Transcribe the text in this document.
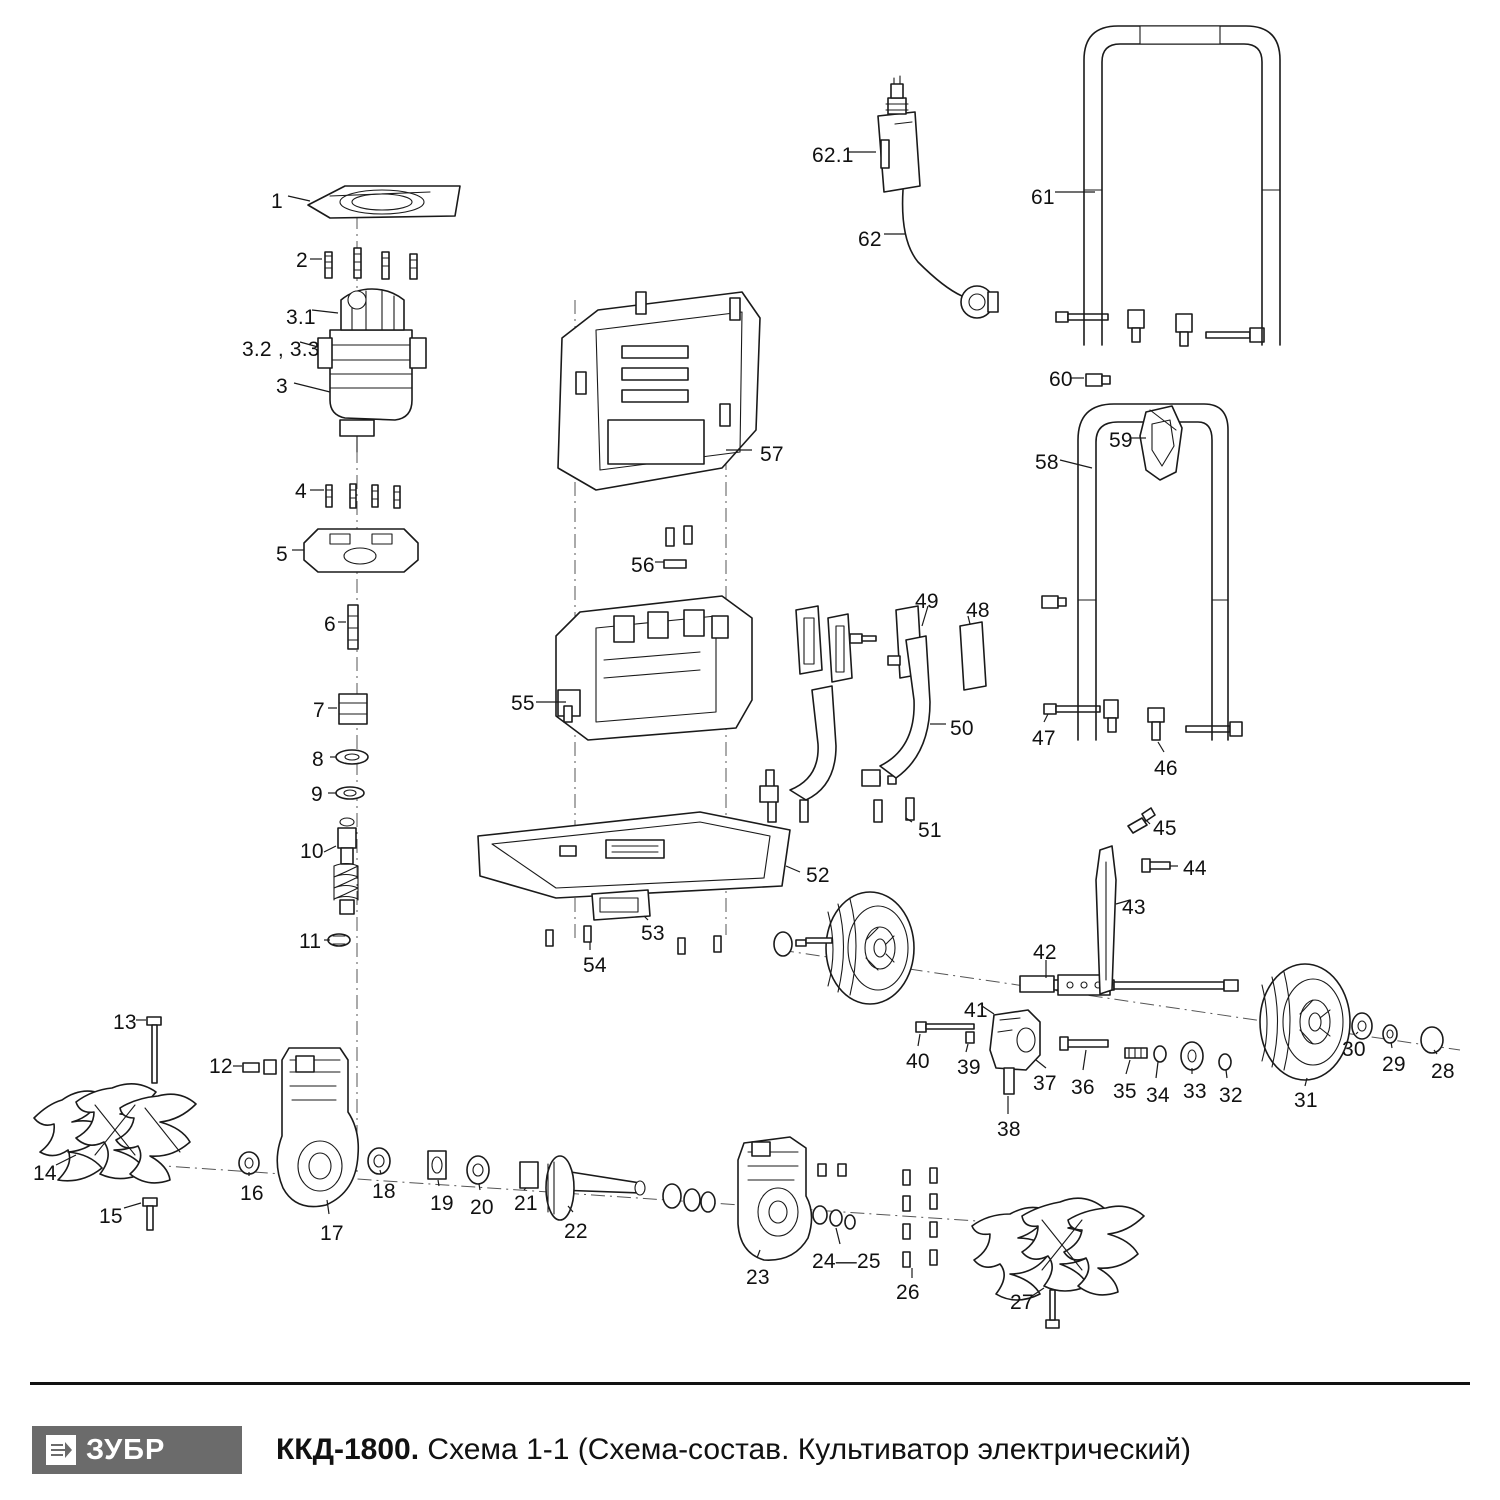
1
2
3.1
3.2 , 3.3
3
4
5
6
7
8
9
10
11
12
13
14
15
16
17
18
19 20 21
22
23
24—25
26	27
28
29
30
31
32
33
34
35
36
37
38
39
40
41
42
43
44
45
46
47
48
49
50
51
52
53
54
55
56
57	58
59
60
61
62
62.1
ЗУБР	ККД-1800. Схема 1-1 (Схема-состав. Культиватор электрический)
